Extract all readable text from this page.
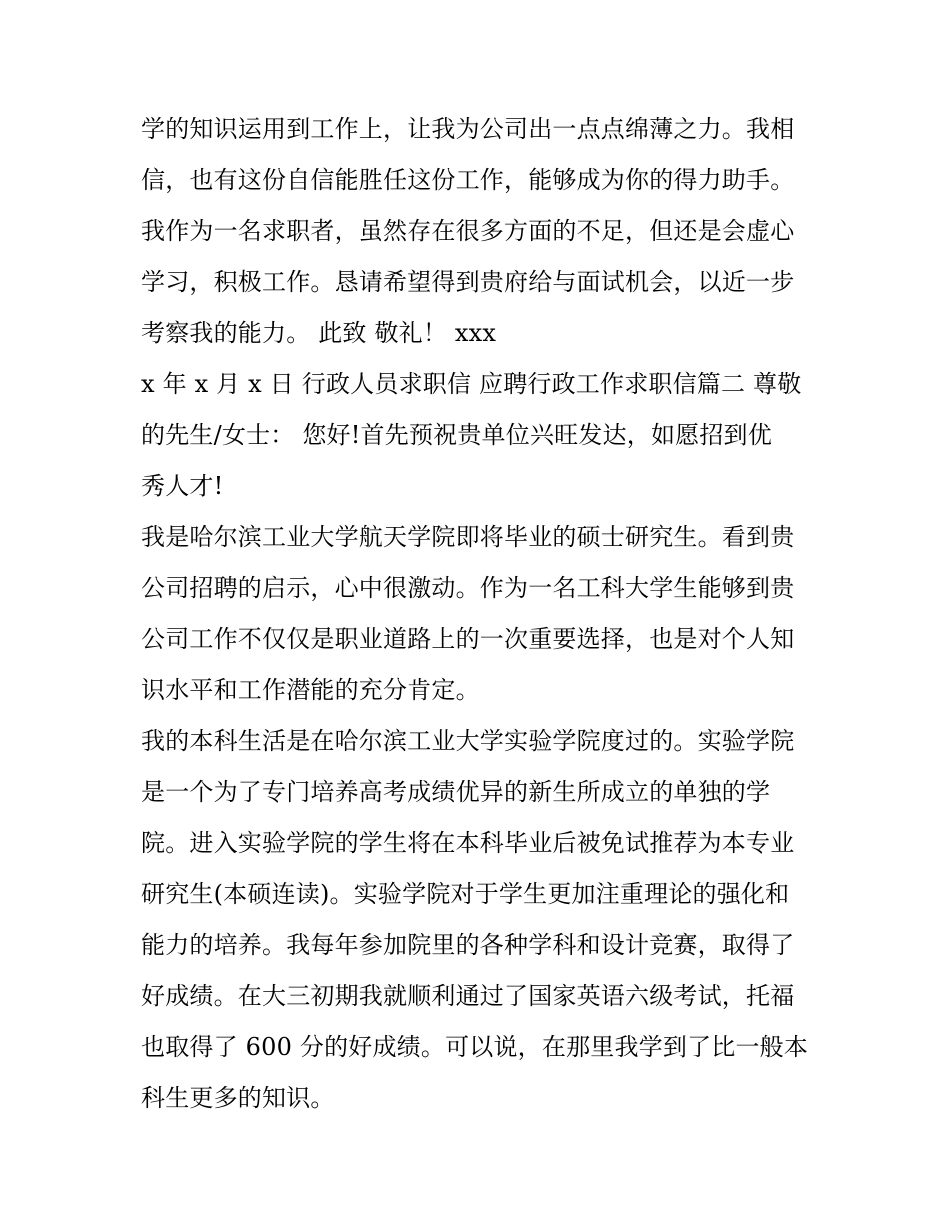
学的知识运用到工作上，让我为公司出一点点绵薄之力。我相
信，也有这份自信能胜任这份工作，能够成为你的得力助手。
我作为一名求职者，虽然存在很多方面的不足，但还是会虚心
学习，积极工作。恳请希望得到贵府给与面试机会，以近一步
考察我的能力。 此致 敬礼！ xxx
x 年 x 月 x 日 行政人员求职信 应聘行政工作求职信篇二 尊敬
的先生/女士： 您好!首先预祝贵单位兴旺发达，如愿招到优
秀人才!
我是哈尔滨工业大学航天学院即将毕业的硕士研究生。看到贵
公司招聘的启示，心中很激动。作为一名工科大学生能够到贵
公司工作不仅仅是职业道路上的一次重要选择，也是对个人知
识水平和工作潜能的充分肯定。
我的本科生活是在哈尔滨工业大学实验学院度过的。实验学院
是一个为了专门培养高考成绩优异的新生所成立的单独的学
院。进入实验学院的学生将在本科毕业后被免试推荐为本专业
研究生(本硕连读)。实验学院对于学生更加注重理论的强化和
能力的培养。我每年参加院里的各种学科和设计竞赛，取得了
好成绩。在大三初期我就顺利通过了国家英语六级考试，托福
也取得了 600 分的好成绩。可以说，在那里我学到了比一般本
科生更多的知识。
